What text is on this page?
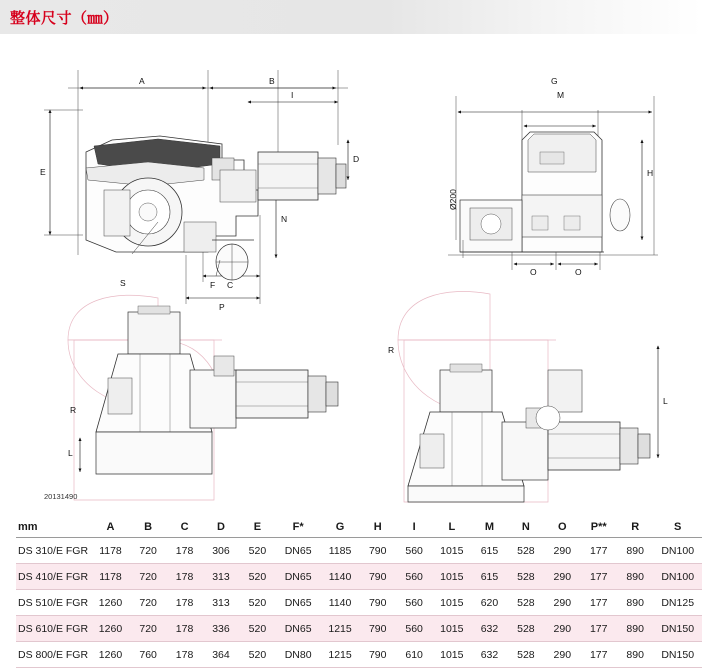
整体尺寸（㎜）
A	B
I
D
E
N
S	F C
P
G
M
H
O	O
Ø200
R
L
R
L
20131490
mm	A	B	C	D	E	F*	G	H	I	L	M	N	O	P**	R	S
DS 310/E FGR	1178	720	178	306	520	DN65	1185	790	560	1015	615	528	290	177	890	DN100
DS 410/E FGR	1178	720	178	313	520	DN65	1140	790	560	1015	615	528	290	177	890	DN100
DS 510/E FGR	1260	720	178	313	520	DN65	1140	790	560	1015	620	528	290	177	890	DN125
DS 610/E FGR	1260	720	178	336	520	DN65	1215	790	560	1015	632	528	290	177	890	DN150
DS 800/E FGR	1260	760	178	364	520	DN80	1215	790	610	1015	632	528	290	177	890	DN150
